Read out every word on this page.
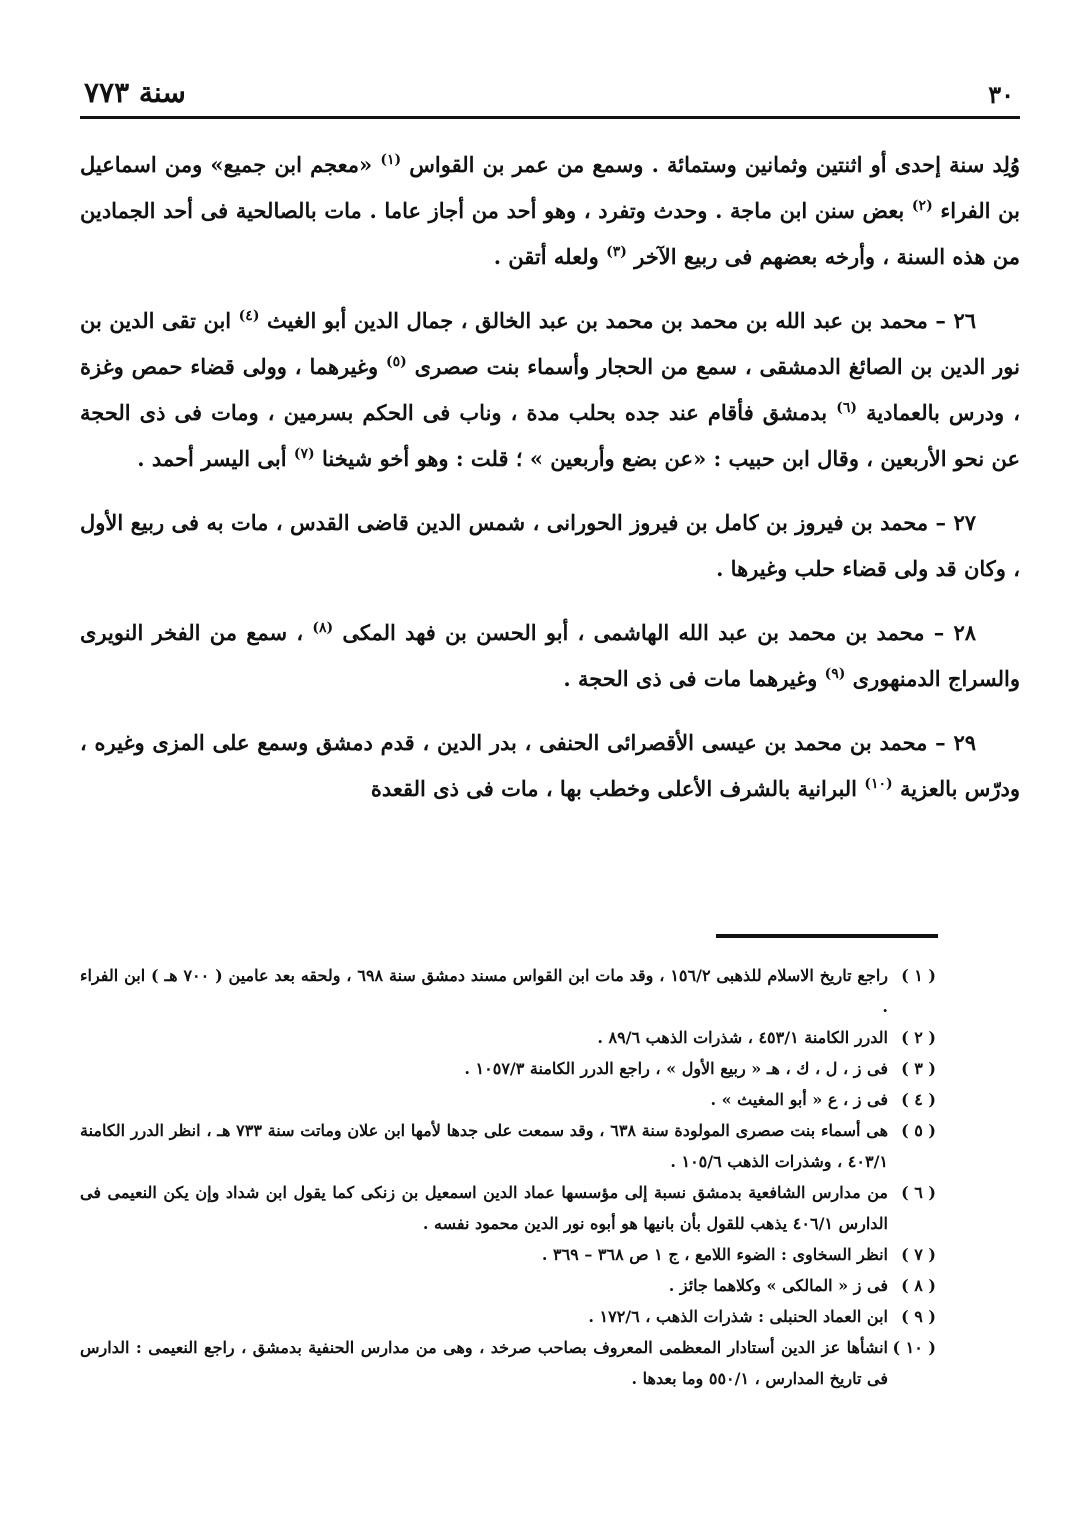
٣٠
سنة ٧٧٣

وُلِد سنة إحدى أو اثنتين وثمانين وستمائة . وسمع من عمر بن القواس $^{(١)}$ «معجم ابن جميع» ومن اسماعيل بن الفراء $^{(٢)}$ بعض سنن ابن ماجة . وحدث وتفرد ، وهو أحد من أجاز عاما . مات بالصالحية فى أحد الجمادين من هذه السنة ، وأرخه بعضهم فى ربيع الآخر $^{(٣)}$ ولعله أتقن .

٢٦ – محمد بن عبد الله بن محمد بن محمد بن عبد الخالق ، جمال الدين أبو الغيث $^{(٤)}$ ابن تقى الدين بن نور الدين بن الصائغ الدمشقى ، سمع من الحجار وأسماء بنت صصرى $^{(٥)}$ وغيرهما ، وولى قضاء حمص وغزة ، ودرس بالعمادية $^{(٦)}$ بدمشق فأقام عند جده بحلب مدة ، وناب فى الحكم بسرمين ، ومات فى ذى الحجة عن نحو الأربعين ، وقال ابن حبيب : «عن بضع وأربعين » ؛ قلت : وهو أخو شيخنا $^{(٧)}$ أبى اليسر أحمد .

٢٧ – محمد بن فيروز بن كامل بن فيروز الحورانى ، شمس الدين قاضى القدس ، مات به فى ربيع الأول ، وكان قد ولى قضاء حلب وغيرها .

٢٨ – محمد بن محمد بن عبد الله الهاشمى ، أبو الحسن بن فهد المكى $^{(٨)}$ ، سمع من الفخر النويرى والسراج الدمنهورى $^{(٩)}$ وغيرهما مات فى ذى الحجة .

٢٩ – محمد بن محمد بن عيسى الأقصرائى الحنفى ، بدر الدين ، قدم دمشق وسمع على المزى وغيره ، ودرّس بالعزية $^{(١٠)}$ البرانية بالشرف الأعلى وخطب بها ، مات فى ذى القعدة

( ١ )
راجع تاريخ الاسلام للذهبى ١٥٦/٢ ، وقد مات ابن القواس مسند دمشق سنة ٦٩٨ ، ولحقه بعد عامين ( ٧٠٠ هـ ) ابن الفراء .
( ٢ )
الدرر الكامنة ٤٥٣/١ ، شذرات الذهب ٨٩/٦ .
( ٣ )
فى ز ، ل ، ك ، هـ « ربيع الأول » ، راجع الدرر الكامنة ١٠٥٧/٣ .
( ٤ )
فى ز ، ع « أبو المغيث » .
( ٥ )
هى أسماء بنت صصرى المولودة سنة ٦٣٨ ، وقد سمعت على جدها لأمها ابن علان وماتت سنة ٧٣٣ هـ ، انظر الدرر الكامنة ٤٠٣/١ ، وشذرات الذهب ١٠٥/٦ .
( ٦ )
من مدارس الشافعية بدمشق نسبة إلى مؤسسها عماد الدين اسمعيل بن زنكى كما يقول ابن شداد وإن يكن النعيمى فى الدارس ٤٠٦/١ يذهب للقول بأن بانيها هو أبوه نور الدين محمود نفسه .
( ٧ )
انظر السخاوى : الضوء اللامع ، ج ١ ص ٣٦٨ – ٣٦٩ .
( ٨ )
فى ز « المالكى » وكلاهما جائز .
( ٩ )
ابن العماد الحنبلى : شذرات الذهب ، ١٧٢/٦ .
( ١٠ )
انشأها عز الدين أستادار المعظمى المعروف بصاحب صرخد ، وهى من مدارس الحنفية بدمشق ، راجع النعيمى : الدارس فى تاريخ المدارس ، ٥٥٠/١ وما بعدها .
